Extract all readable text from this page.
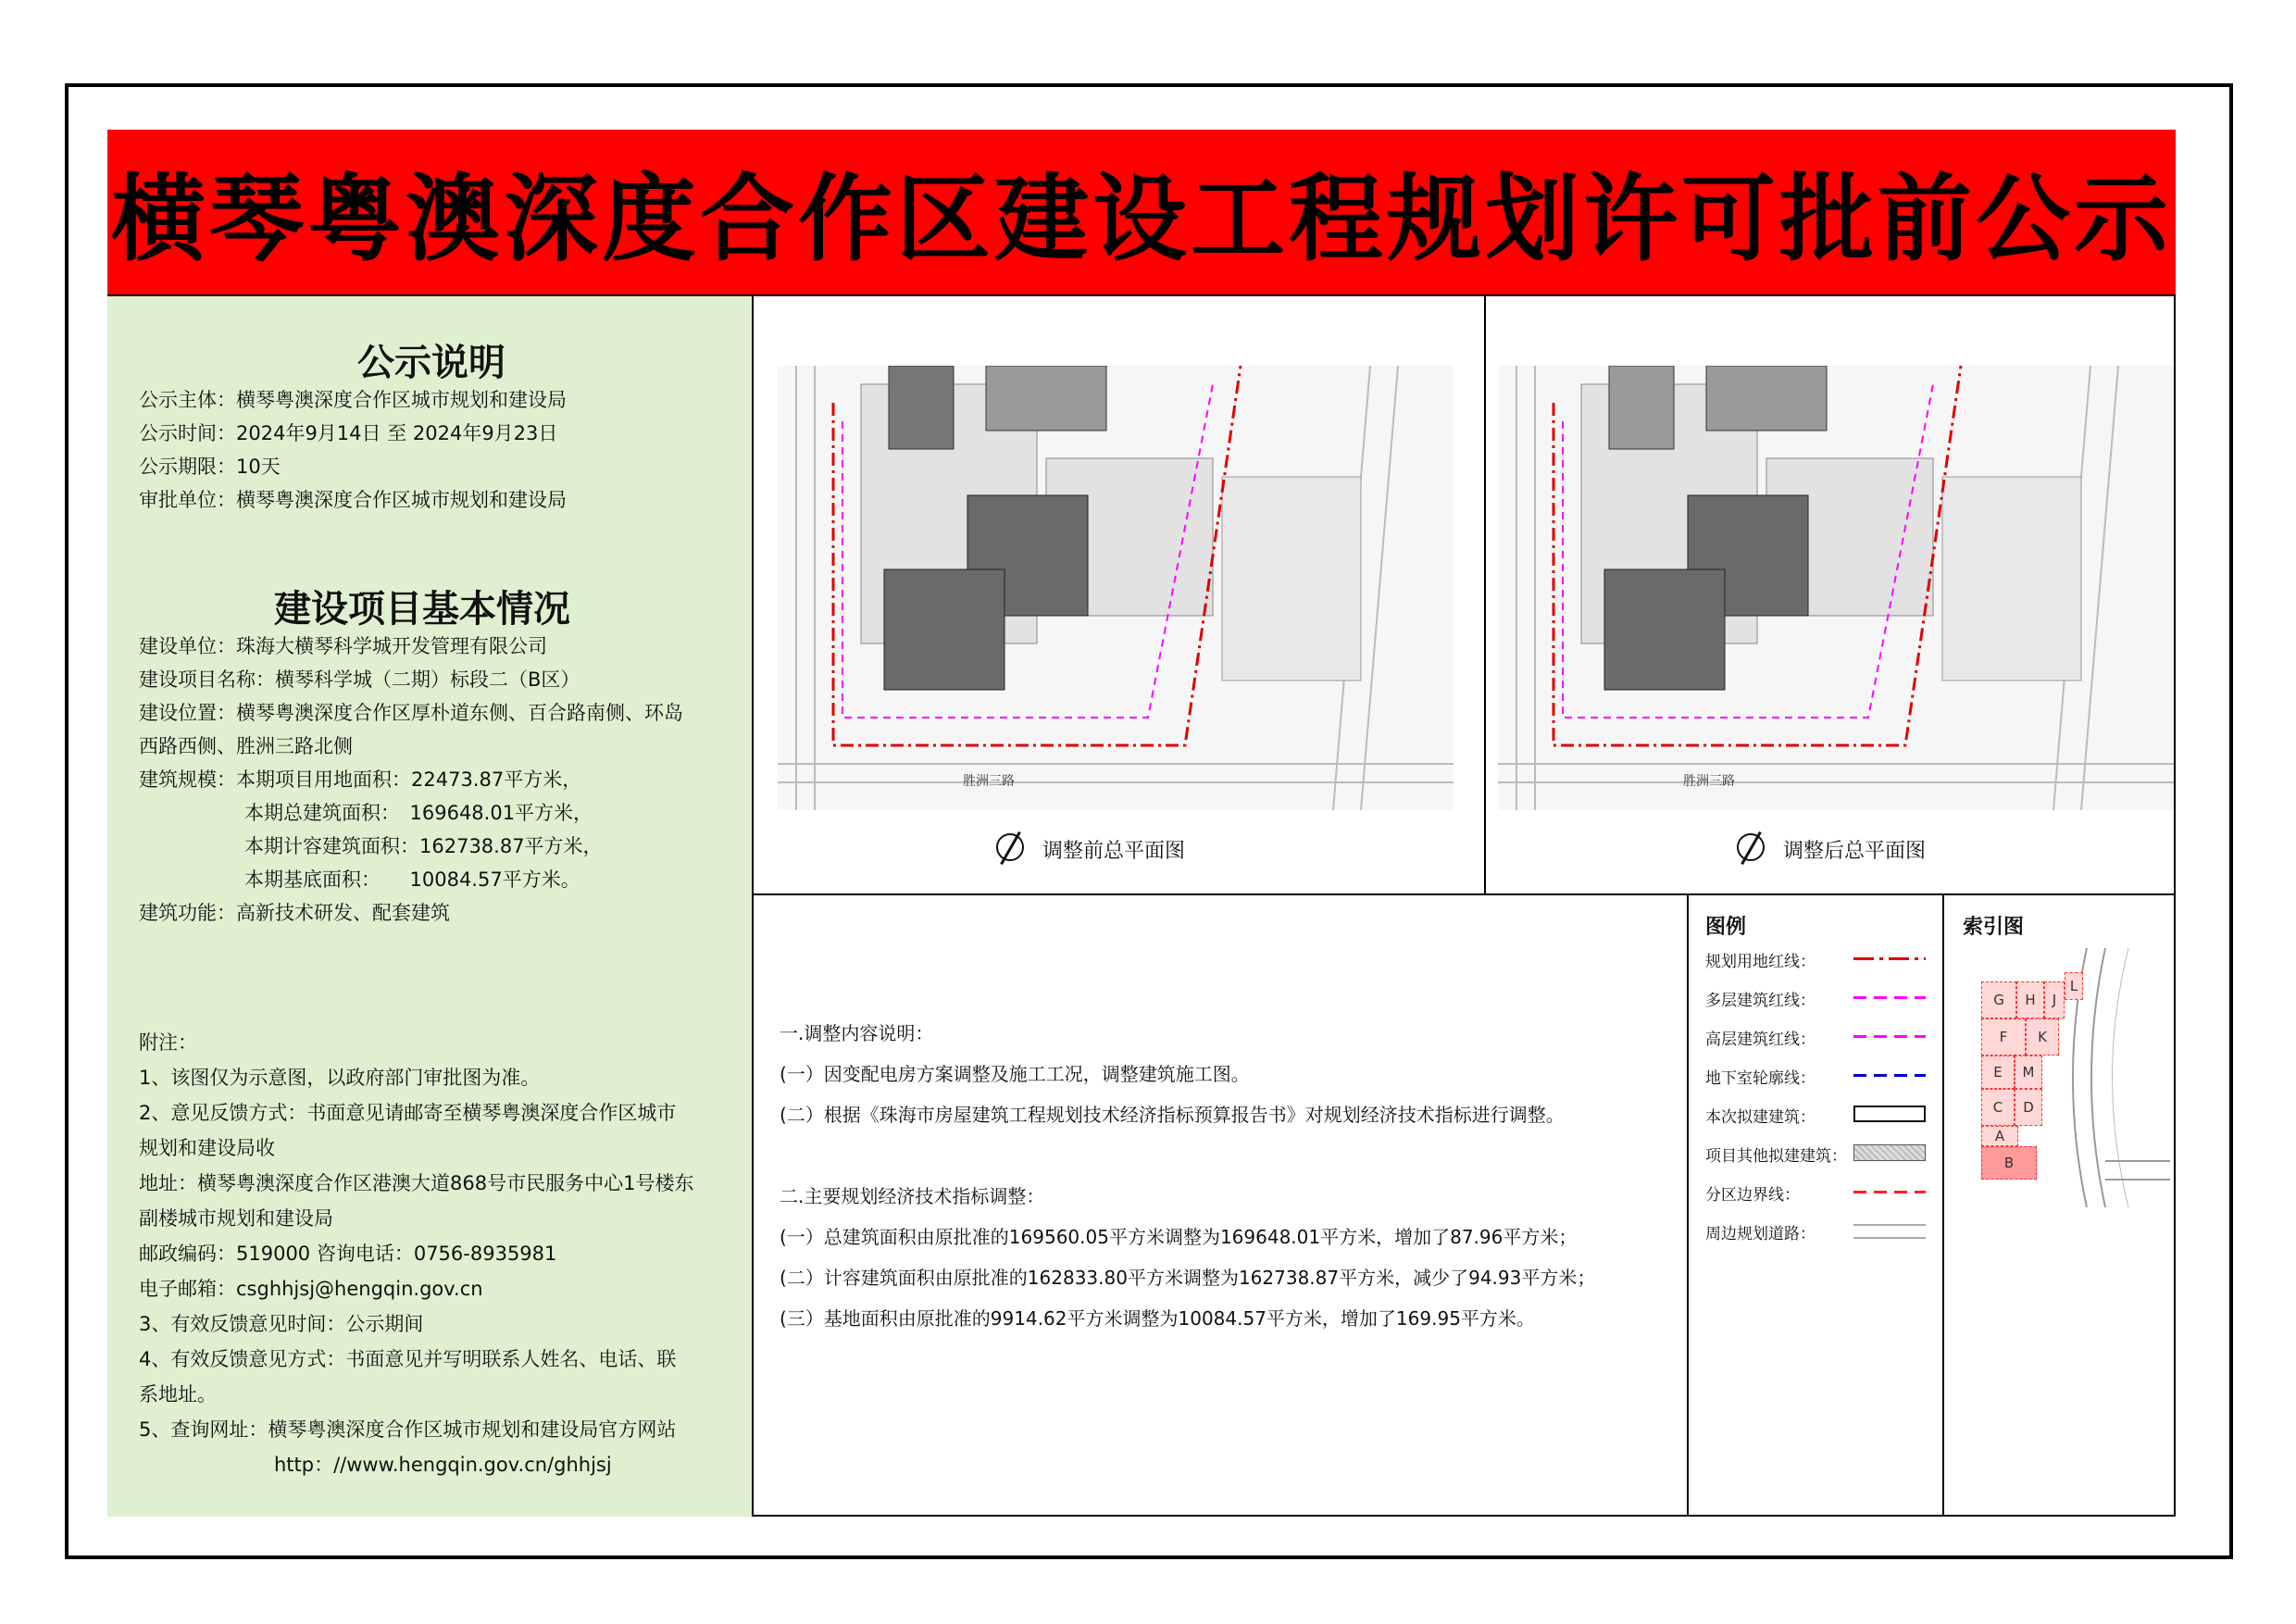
横琴粤澳深度合作区建设工程规划许可批前公示
公示说明
公示主体：横琴粤澳深度合作区城市规划和建设局
公示时间：2024年9月14日 至 2024年9月23日
公示期限：10天
审批单位：横琴粤澳深度合作区城市规划和建设局
建设项目基本情况
建设单位：珠海大横琴科学城开发管理有限公司
建设项目名称：横琴科学城（二期）标段二（B区）
建设位置：横琴粤澳深度合作区厚朴道东侧、百合路南侧、环岛
西路西侧、胜洲三路北侧
建筑规模：本期项目用地面积：22473.87平方米，
本期总建筑面积：　169648.01平方米，
本期计容建筑面积：162738.87平方米，
本期基底面积：　　10084.57平方米。
建筑功能：高新技术研发、配套建筑
附注：
1、该图仅为示意图，以政府部门审批图为准。
2、意见反馈方式：书面意见请邮寄至横琴粤澳深度合作区城市
规划和建设局收
地址：横琴粤澳深度合作区港澳大道868号市民服务中心1号楼东
副楼城市规划和建设局
邮政编码：519000 咨询电话：0756-8935981
电子邮箱：csghhjsj@hengqin.gov.cn
3、有效反馈意见时间：公示期间
4、有效反馈意见方式：书面意见并写明联系人姓名、电话、联
系地址。
5、查询网址：横琴粤澳深度合作区城市规划和建设局官方网站
http：//www.hengqin.gov.cn/ghhjsj
胜洲三路
调整前总平面图
胜洲三路
调整后总平面图
一.调整内容说明：
(一）因变配电房方案调整及施工工况，调整建筑施工图。
(二）根据《珠海市房屋建筑工程规划技术经济指标预算报告书》对规划经济技术指标进行调整。
二.主要规划经济技术指标调整：
(一）总建筑面积由原批准的169560.05平方米调整为169648.01平方米，增加了87.96平方米；
(二）计容建筑面积由原批准的162833.80平方米调整为162738.87平方米，减少了94.93平方米；
(三）基地面积由原批准的9914.62平方米调整为10084.57平方米，增加了169.95平方米。
图例
规划用地红线：
多层建筑红线：
高层建筑红线：
地下室轮廓线：
本次拟建建筑：
项目其他拟建建筑：
分区边界线：
周边规划道路：
索引图
G	H	J
L
F	K
E	M
C	D
A
B
